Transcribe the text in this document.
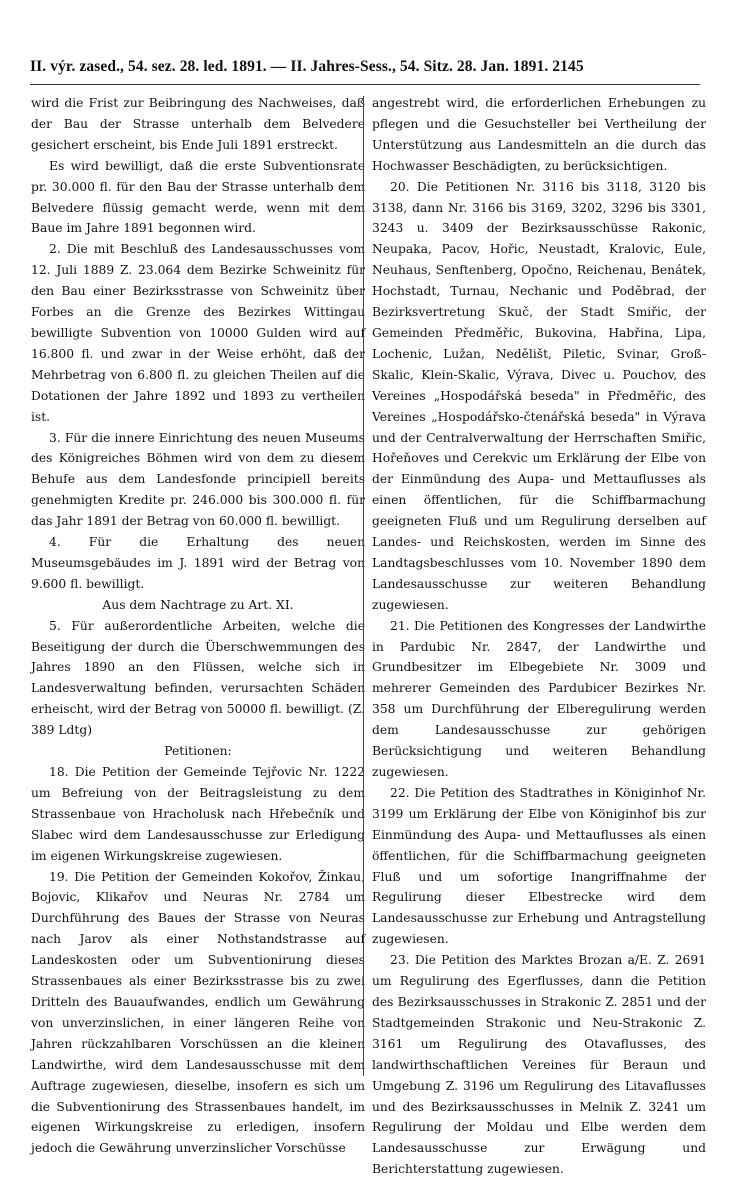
II. výr. zased., 54. sez. 28. led. 1891. — II. Jahres-Sess., 54. Sitz. 28. Jan. 1891. 2145

wird die Frist zur Beibringung des Nachweises, daß der Bau der Strasse unterhalb dem Belvedere gesichert erscheint, bis Ende Juli 1891 erstreckt.

Es wird bewilligt, daß die erste Subventionsrate pr. 30.000 fl. für den Bau der Strasse unterhalb dem Belvedere flüssig gemacht werde, wenn mit dem Baue im Jahre 1891 begonnen wird.

2. Die mit Beschluß des Landesausschusses vom 12. Juli 1889 Z. 23.064 dem Bezirke Schweinitz für den Bau einer Bezirksstrasse von Schweinitz über Forbes an die Grenze des Bezirkes Wittingau bewilligte Subvention von 10000 Gulden wird auf 16.800 fl. und zwar in der Weise erhöht, daß der Mehrbetrag von 6.800 fl. zu gleichen Theilen auf die Dotationen der Jahre 1892 und 1893 zu vertheilen ist.

3. Für die innere Einrichtung des neuen Museums des Königreiches Böhmen wird von dem zu diesem Behufe aus dem Landesfonde principiell bereits genehmigten Kredite pr. 246.000 bis 300.000 fl. für das Jahr 1891 der Betrag von 60.000 fl. bewilligt.

4. Für die Erhaltung des neuen Museumsgebäudes im J. 1891 wird der Betrag von 9.600 fl. bewilligt.

Aus dem Nachtrage zu Art. XI.

5. Für außerordentliche Arbeiten, welche die Beseitigung der durch die Überschwemmungen des Jahres 1890 an den Flüssen, welche sich in Landesverwaltung befinden, verursachten Schäden erheischt, wird der Betrag von 50000 fl. bewilligt. (Z. 389 Ldtg)

Petitionen:

18. Die Petition der Gemeinde Tejřovic Nr. 1222 um Befreiung von der Beitragsleistung zu dem Strassenbaue von Hracholusk nach Hřebečník und Slabec wird dem Landesausschusse zur Erledigung im eigenen Wirkungskreise zugewiesen.

19. Die Petition der Gemeinden Kokořov, Žinkau, Bojovic, Klikařov und Neuras Nr. 2784 um Durchführung des Baues der Strasse von Neuras nach Jarov als einer Nothstandstrasse auf Landeskosten oder um Subventionirung dieses Strassenbaues als einer Bezirksstrasse bis zu zwei Dritteln des Bauaufwandes, endlich um Gewährung von unverzinslichen, in einer längeren Reihe von Jahren rückzahlbaren Vorschüssen an die kleinen Landwirthe, wird dem Landesausschusse mit dem Auftrage zugewiesen, dieselbe, insofern es sich um die Subventionirung des Strassenbaues handelt, im eigenen Wirkungskreise zu erledigen, insofern jedoch die Gewährung unverzinslicher Vorschüsse

angestrebt wird, die erforderlichen Erhebungen zu pflegen und die Gesuchsteller bei Vertheilung der Unterstützung aus Landesmitteln an die durch das Hochwasser Beschädigten, zu berücksichtigen.

20. Die Petitionen Nr. 3116 bis 3118, 3120 bis 3138, dann Nr. 3166 bis 3169, 3202, 3296 bis 3301, 3243 u. 3409 der Bezirksausschüsse Rakonic, Neupaka, Pacov, Hořic, Neustadt, Kralovic, Eule, Neuhaus, Senftenberg, Opočno, Reichenau, Benátek, Hochstadt, Turnau, Nechanic und Poděbrad, der Bezirksvertretung Skuč, der Stadt Smiřic, der Gemeinden Předměřic, Bukovina, Habřina, Lipa, Lochenic, Lužan, Nedělišt, Piletic, Svinar, Groß-Skalic, Klein-Skalic, Výrava, Divec u. Pouchov, des Vereines „Hospodářská beseda" in Předměřic, des Vereines „Hospodářsko-čtenářská beseda" in Výrava und der Centralverwaltung der Herrschaften Smiřic, Hořeňoves und Cerekvic um Erklärung der Elbe von der Einmündung des Aupa- und Mettauflusses als einen öffentlichen, für die Schiffbarmachung geeigneten Fluß und um Regulirung derselben auf Landes- und Reichskosten, werden im Sinne des Landtagsbeschlusses vom 10. November 1890 dem Landesausschusse zur weiteren Behandlung zugewiesen.

21. Die Petitionen des Kongresses der Landwirthe in Pardubic Nr. 2847, der Landwirthe und Grundbesitzer im Elbegebiete Nr. 3009 und mehrerer Gemeinden des Pardubicer Bezirkes Nr. 358 um Durchführung der Elberegulirung werden dem Landesausschusse zur gehörigen Berücksichtigung und weiteren Behandlung zugewiesen.

22. Die Petition des Stadtrathes in Königinhof Nr. 3199 um Erklärung der Elbe von Königinhof bis zur Einmündung des Aupa- und Mettauflusses als einen öffentlichen, für die Schiffbarmachung geeigneten Fluß und um sofortige Inangriffnahme der Regulirung dieser Elbestrecke wird dem Landesausschusse zur Erhebung und Antragstellung zugewiesen.

23. Die Petition des Marktes Brozan a/E. Z. 2691 um Regulirung des Egerflusses, dann die Petition des Bezirksausschusses in Strakonic Z. 2851 und der Stadtgemeinden Strakonic und Neu-Strakonic Z. 3161 um Regulirung des Otavaflusses, des landwirthschaftlichen Vereines für Beraun und Umgebung Z. 3196 um Regulirung des Litavaflusses und des Bezirksausschusses in Melnik Z. 3241 um Regulirung der Moldau und Elbe werden dem Landesausschusse zur Erwägung und Berichterstattung zugewiesen.
